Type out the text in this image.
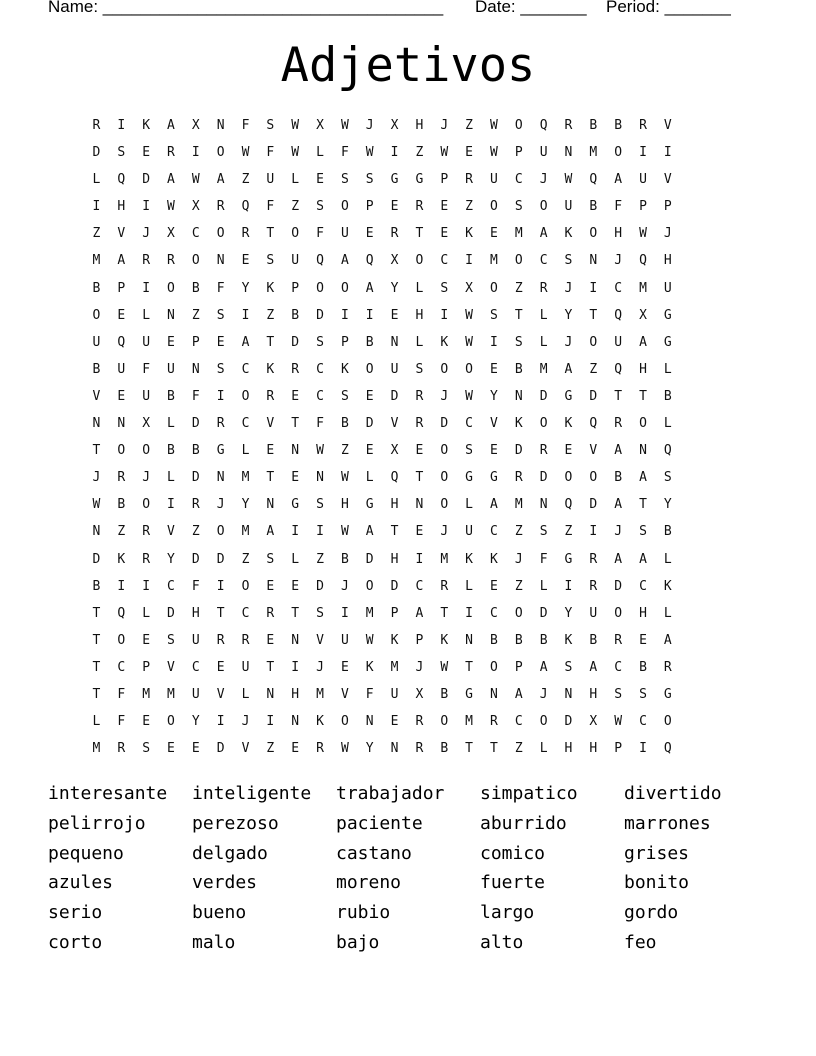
Name: ____________________________________ Date: _______ Period: _______
Adjetivos
R	I	K	A	X	N	F	S	W	X	W	J	X	H	J	Z	W	O	Q	R	B	B	R	V
D	S	E	R	I	O	W	F	W	L	F	W	I	Z	W	E	W	P	U	N	M	O	I	I
L	Q	D	A	W	A	Z	U	L	E	S	S	G	G	P	R	U	C	J	W	Q	A	U	V
I	H	I	W	X	R	Q	F	Z	S	O	P	E	R	E	Z	O	S	O	U	B	F	P	P
Z	V	J	X	C	O	R	T	O	F	U	E	R	T	E	K	E	M	A	K	O	H	W	J
M	A	R	R	O	N	E	S	U	Q	A	Q	X	O	C	I	M	O	C	S	N	J	Q	H
B	P	I	O	B	F	Y	K	P	O	O	A	Y	L	S	X	O	Z	R	J	I	C	M	U
O	E	L	N	Z	S	I	Z	B	D	I	I	E	H	I	W	S	T	L	Y	T	Q	X	G
U	Q	U	E	P	E	A	T	D	S	P	B	N	L	K	W	I	S	L	J	O	U	A	G
B	U	F	U	N	S	C	K	R	C	K	O	U	S	O	O	E	B	M	A	Z	Q	H	L
V	E	U	B	F	I	O	R	E	C	S	E	D	R	J	W	Y	N	D	G	D	T	T	B
N	N	X	L	D	R	C	V	T	F	B	D	V	R	D	C	V	K	O	K	Q	R	O	L
T	O	O	B	B	G	L	E	N	W	Z	E	X	E	O	S	E	D	R	E	V	A	N	Q
J	R	J	L	D	N	M	T	E	N	W	L	Q	T	O	G	G	R	D	O	O	B	A	S
W	B	O	I	R	J	Y	N	G	S	H	G	H	N	O	L	A	M	N	Q	D	A	T	Y
N	Z	R	V	Z	O	M	A	I	I	W	A	T	E	J	U	C	Z	S	Z	I	J	S	B
D	K	R	Y	D	D	Z	S	L	Z	B	D	H	I	M	K	K	J	F	G	R	A	A	L
B	I	I	C	F	I	O	E	E	D	J	O	D	C	R	L	E	Z	L	I	R	D	C	K
T	Q	L	D	H	T	C	R	T	S	I	M	P	A	T	I	C	O	D	Y	U	O	H	L
T	O	E	S	U	R	R	E	N	V	U	W	K	P	K	N	B	B	B	K	B	R	E	A
T	C	P	V	C	E	U	T	I	J	E	K	M	J	W	T	O	P	A	S	A	C	B	R
T	F	M	M	U	V	L	N	H	M	V	F	U	X	B	G	N	A	J	N	H	S	S	G
L	F	E	O	Y	I	J	I	N	K	O	N	E	R	O	M	R	C	O	D	X	W	C	O
M	R	S	E	E	D	V	Z	E	R	W	Y	N	R	B	T	T	Z	L	H	H	P	I	Q
interesante	inteligente	trabajador	simpatico	divertido
pelirrojo	perezoso	paciente	aburrido	marrones
pequeno	delgado	castano	comico	grises
azules	verdes	moreno	fuerte	bonito
serio	bueno	rubio	largo	gordo
corto	malo	bajo	alto	feo
